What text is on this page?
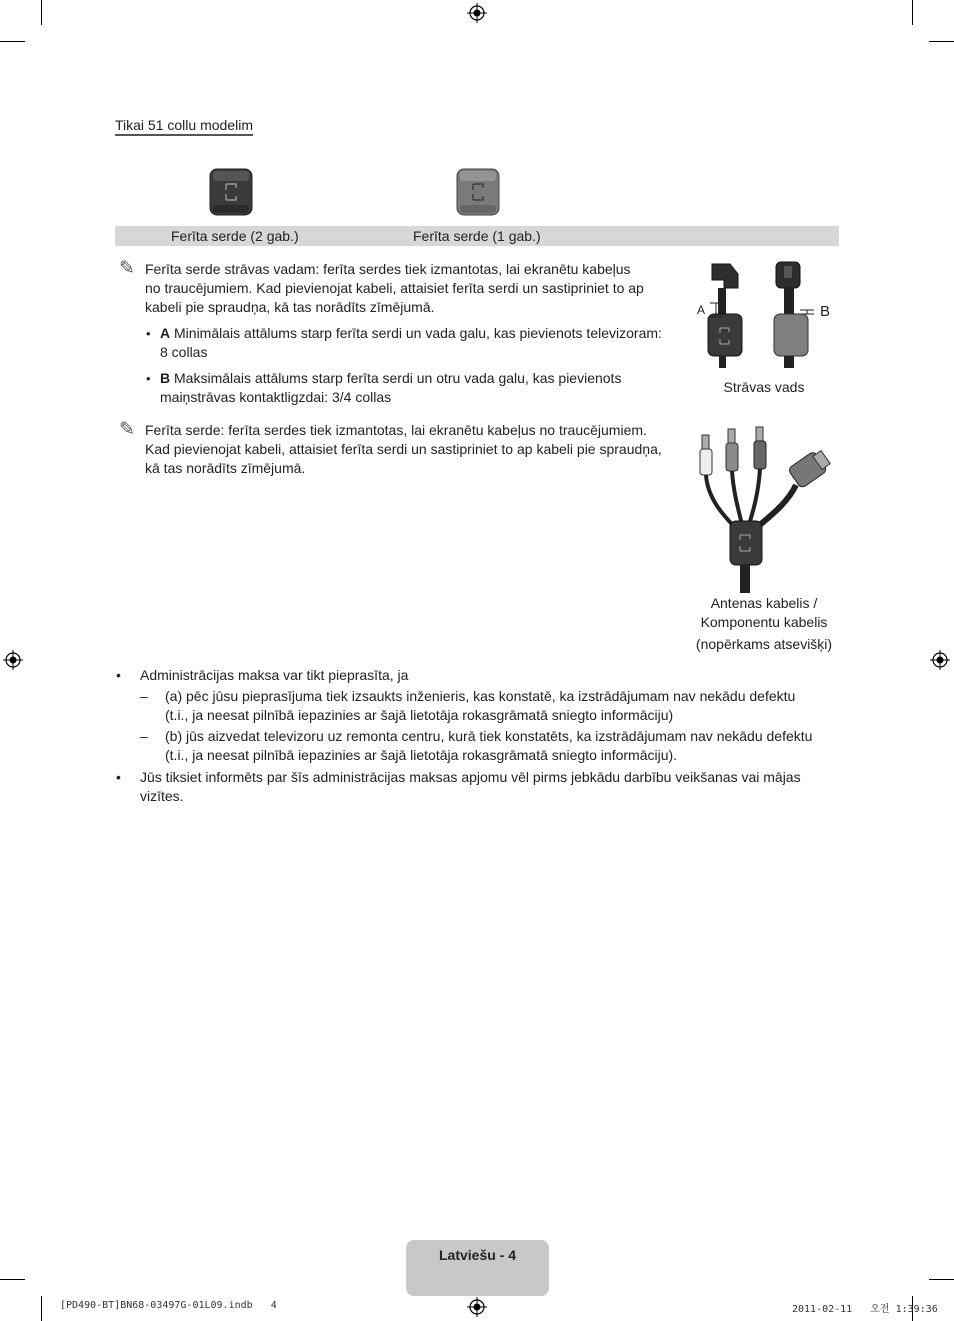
Tikai 51 collu modelim
Ferīta serde (2 gab.)	Ferīta serde (1 gab.)
✎ Ferīta serde strāvas vadam: ferīta serdes tiek izmantotas, lai ekranētu kabeļus
no traucējumiem. Kad pievienojat kabeli, attaisiet ferīta serdi un sastipriniet to ap
kabeli pie spraudņa, kā tas norādīts zīmējumā.
• A Minimālais attālums starp ferīta serdi un vada galu, kas pievienots televizoram:
8 collas
• B Maksimālais attālums starp ferīta serdi un otru vada galu, kas pievienots
maiņstrāvas kontaktligzdai: 3/4 collas
✎ Ferīta serde: ferīta serdes tiek izmantotas, lai ekranētu kabeļus no traucējumiem.
Kad pievienojat kabeli, attaisiet ferīta serdi un sastipriniet to ap kabeli pie spraudņa,
kā tas norādīts zīmējumā.
A	B
Strāvas vads
Antenas kabelis /
Komponentu kabelis
(nopērkams atsevišķi)
• Administrācijas maksa var tikt pieprasīta, ja
– (a) pēc jūsu pieprasījuma tiek izsaukts inženieris, kas konstatē, ka izstrādājumam nav nekādu defektu
(t.i., ja neesat pilnībā iepazinies ar šajā lietotāja rokasgrāmatā sniegto informāciju)
– (b) jūs aizvedat televizoru uz remonta centru, kurā tiek konstatēts, ka izstrādājumam nav nekādu defektu
(t.i., ja neesat pilnībā iepazinies ar šajā lietotāja rokasgrāmatā sniegto informāciju).
• Jūs tiksiet informēts par šīs administrācijas maksas apjomu vēl pirms jebkādu darbību veikšanas vai mājas
vizītes.
Latviešu - 4
[PD490-BT]BN68-03497G-01L09.indb   4	2011-02-11   오전 1:39:36
